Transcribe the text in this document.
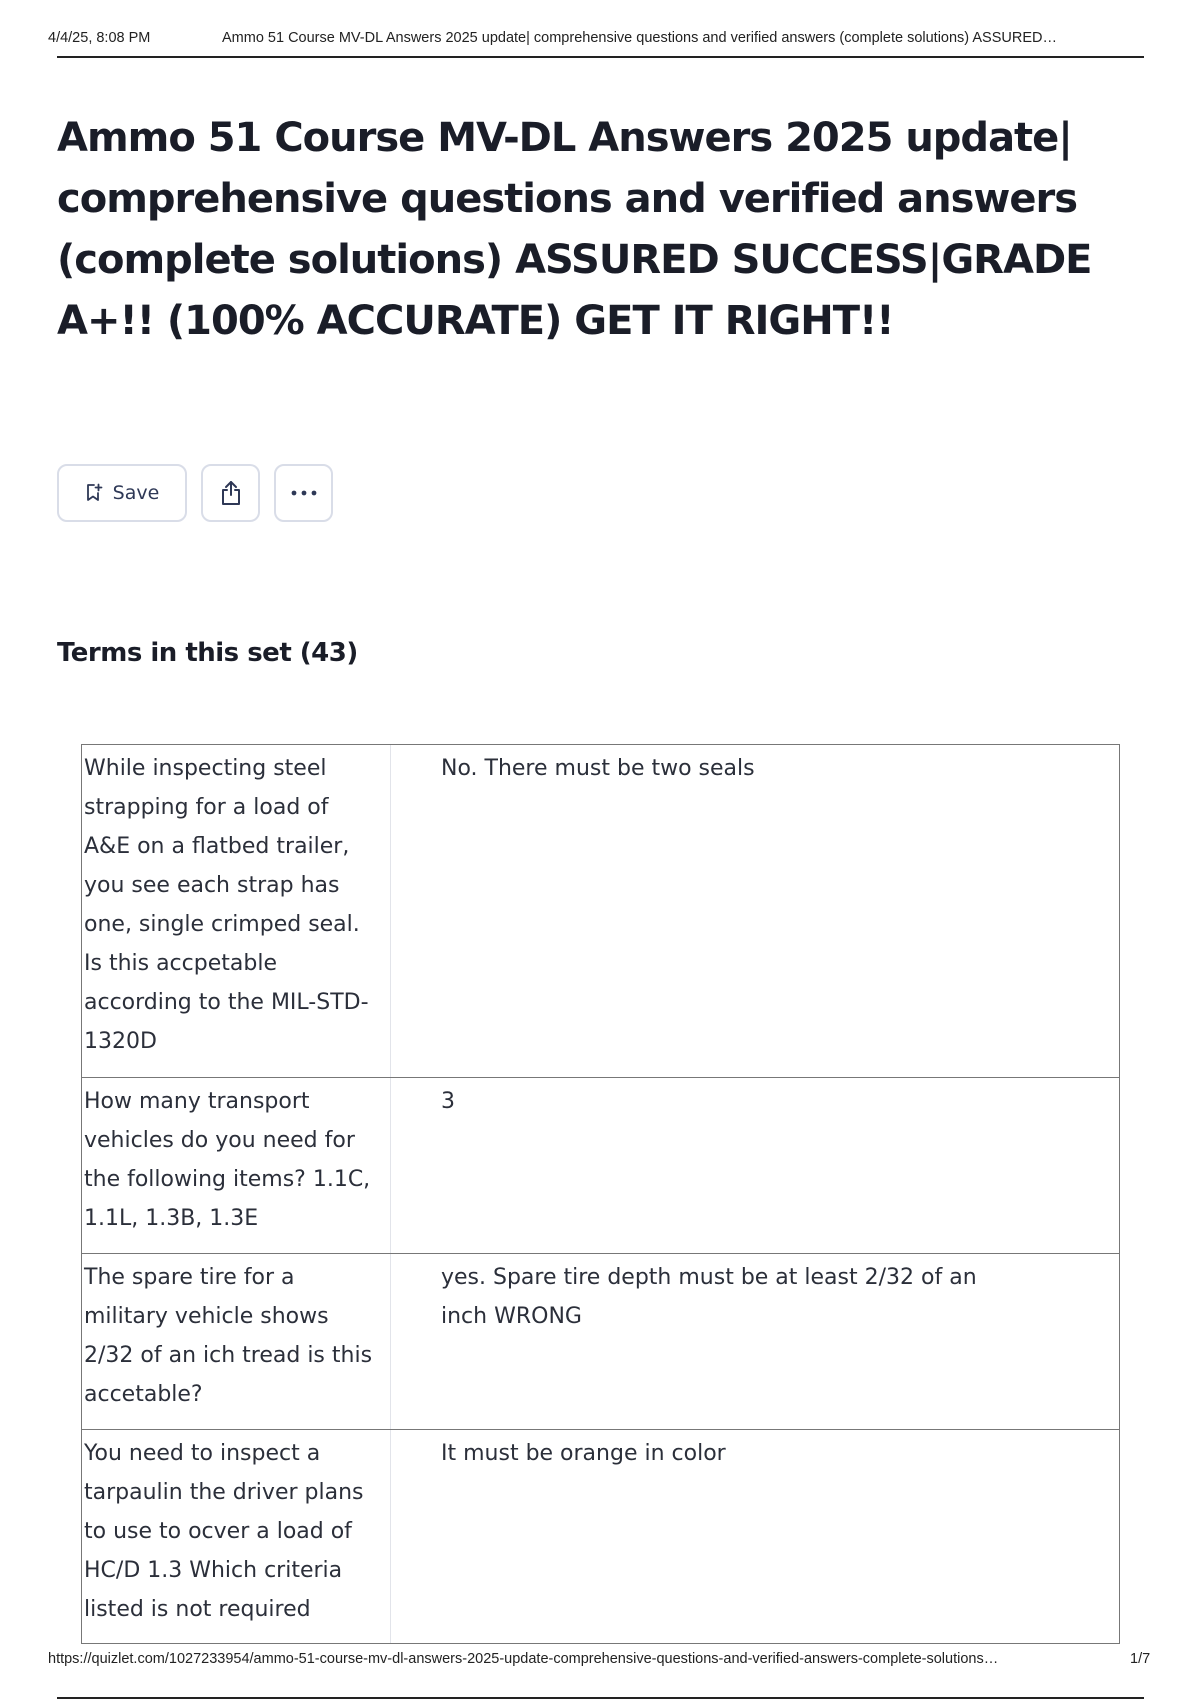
4/4/25, 8:08 PM	Ammo 51 Course MV-DL Answers 2025 update| comprehensive questions and verified answers (complete solutions) ASSURED…
Ammo 51 Course MV-DL Answers 2025 update| comprehensive questions and verified answers (complete solutions) ASSURED SUCCESS|GRADE A+!! (100% ACCURATE) GET IT RIGHT!!
Save
Terms in this set (43)
While inspecting steel strapping for a load of A&E on a flatbed trailer, you see each strap has one, single crimped seal. Is this accpetable according to the MIL-STD-1320D
No. There must be two seals
How many transport vehicles do you need for the following items? 1.1C, 1.1L, 1.3B, 1.3E
3
The spare tire for a military vehicle shows 2/32 of an ich tread is this accetable?
yes. Spare tire depth must be at least 2/32 of an inch WRONG
You need to inspect a tarpaulin the driver plans to use to ocver a load of HC/D 1.3 Which criteria listed is not required
It must be orange in color
https://quizlet.com/1027233954/ammo-51-course-mv-dl-answers-2025-update-comprehensive-questions-and-verified-answers-complete-solutions…	1/7
